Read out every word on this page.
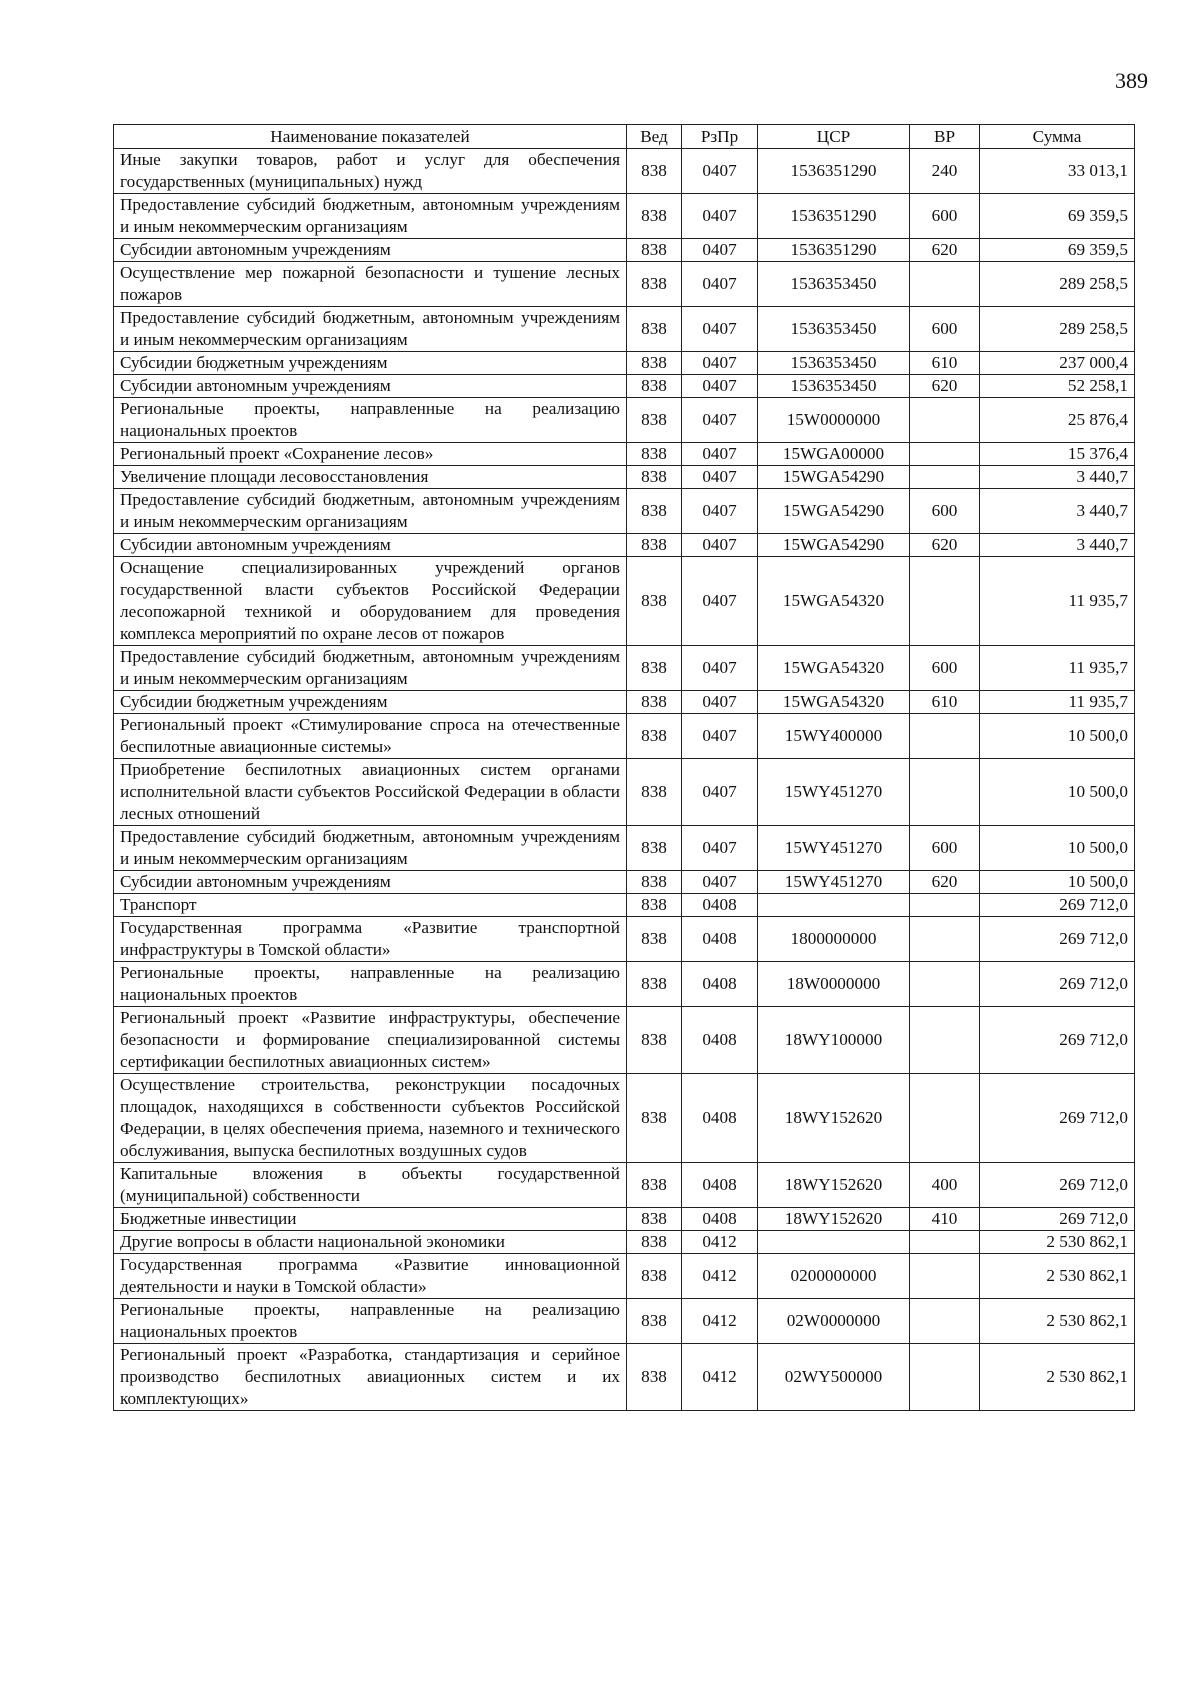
389
Наименование показателей	Вед	РзПр	ЦСР	ВР	Сумма
Иные закупки товаров, работ и услуг для обеспечения государственных (муниципальных) нужд	838	0407	1536351290	240	33 013,1
Предоставление субсидий бюджетным, автономным учреждениям и иным некоммерческим организациям	838	0407	1536351290	600	69 359,5
Субсидии автономным учреждениям	838	0407	1536351290	620	69 359,5
Осуществление мер пожарной безопасности и тушение лесных пожаров	838	0407	1536353450		289 258,5
Предоставление субсидий бюджетным, автономным учреждениям и иным некоммерческим организациям	838	0407	1536353450	600	289 258,5
Субсидии бюджетным учреждениям	838	0407	1536353450	610	237 000,4
Субсидии автономным учреждениям	838	0407	1536353450	620	52 258,1
Региональные проекты, направленные на реализацию национальных проектов	838	0407	15W0000000		25 876,4
Региональный проект «Сохранение лесов»	838	0407	15WGA00000		15 376,4
Увеличение площади лесовосстановления	838	0407	15WGA54290		3 440,7
Предоставление субсидий бюджетным, автономным учреждениям и иным некоммерческим организациям	838	0407	15WGA54290	600	3 440,7
Субсидии автономным учреждениям	838	0407	15WGA54290	620	3 440,7
Оснащение специализированных учреждений органов государственной власти субъектов Российской Федерации лесопожарной техникой и оборудованием для проведения комплекса мероприятий по охране лесов от пожаров	838	0407	15WGA54320		11 935,7
Предоставление субсидий бюджетным, автономным учреждениям и иным некоммерческим организациям	838	0407	15WGA54320	600	11 935,7
Субсидии бюджетным учреждениям	838	0407	15WGA54320	610	11 935,7
Региональный проект «Стимулирование спроса на отечественные беспилотные авиационные системы»	838	0407	15WY400000		10 500,0
Приобретение беспилотных авиационных систем органами исполнительной власти субъектов Российской Федерации в области лесных отношений	838	0407	15WY451270		10 500,0
Предоставление субсидий бюджетным, автономным учреждениям и иным некоммерческим организациям	838	0407	15WY451270	600	10 500,0
Субсидии автономным учреждениям	838	0407	15WY451270	620	10 500,0
Транспорт	838	0408			269 712,0
Государственная программа «Развитие транспортной инфраструктуры в Томской области»	838	0408	1800000000		269 712,0
Региональные проекты, направленные на реализацию национальных проектов	838	0408	18W0000000		269 712,0
Региональный проект «Развитие инфраструктуры, обеспечение безопасности и формирование специализированной системы сертификации беспилотных авиационных систем»	838	0408	18WY100000		269 712,0
Осуществление строительства, реконструкции посадочных площадок, находящихся в собственности субъектов Российской Федерации, в целях обеспечения приема, наземного и технического обслуживания, выпуска беспилотных воздушных судов	838	0408	18WY152620		269 712,0
Капитальные вложения в объекты государственной (муниципальной) собственности	838	0408	18WY152620	400	269 712,0
Бюджетные инвестиции	838	0408	18WY152620	410	269 712,0
Другие вопросы в области национальной экономики	838	0412			2 530 862,1
Государственная программа «Развитие инновационной деятельности и науки в Томской области»	838	0412	0200000000		2 530 862,1
Региональные проекты, направленные на реализацию национальных проектов	838	0412	02W0000000		2 530 862,1
Региональный проект «Разработка, стандартизация и серийное производство беспилотных авиационных систем и их комплектующих»	838	0412	02WY500000		2 530 862,1
